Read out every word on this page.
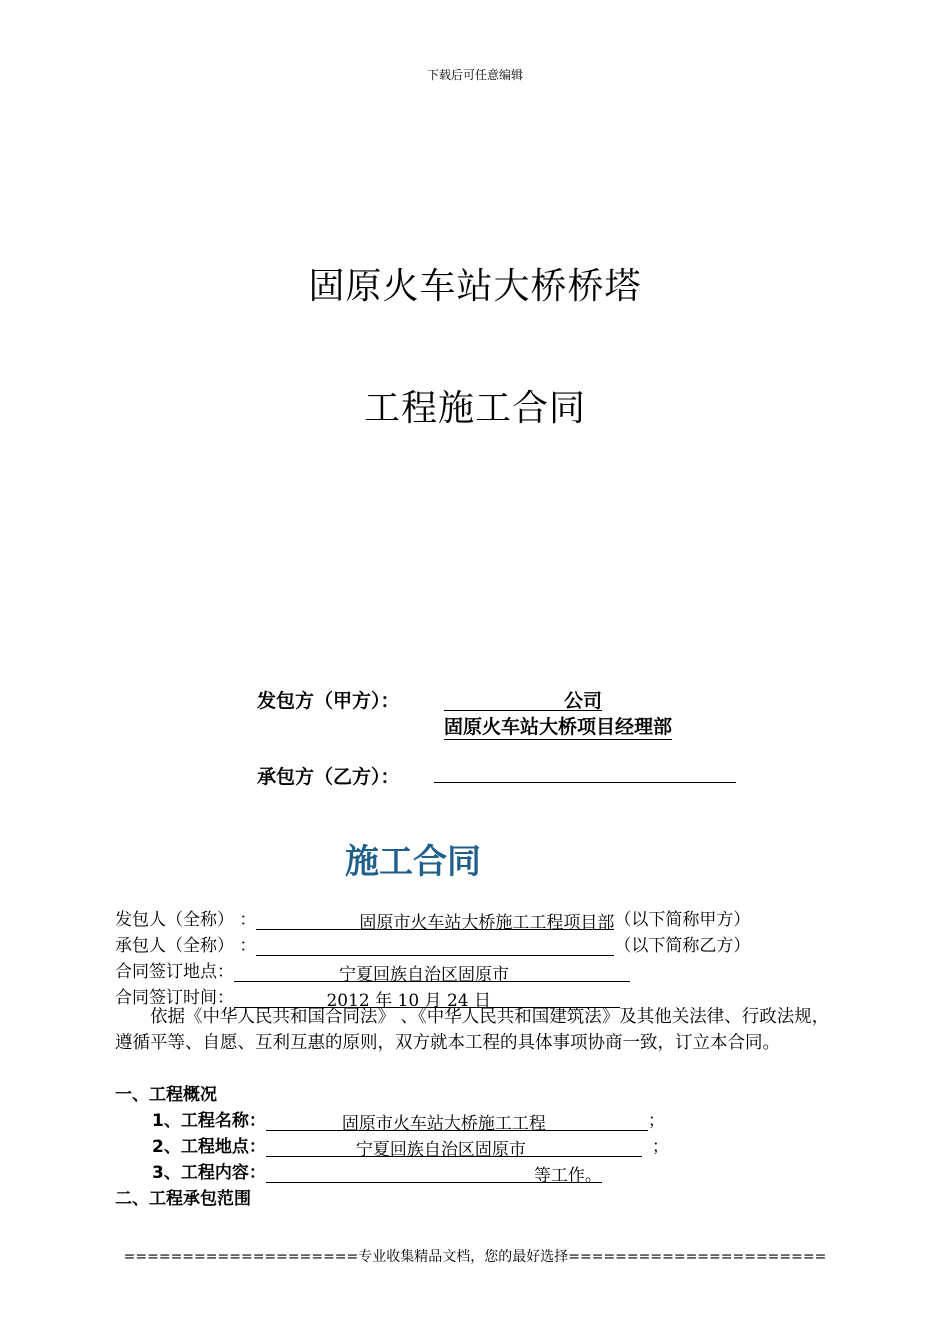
下载后可任意编辑
固原火车站大桥桥塔
工程施工合同
发包方（甲方）：	公司
固原火车站大桥项目经理部
承包方（乙方）：
施工合同
发包人（全称） ：	固原市火车站大桥施工工程项目部（以下简称甲方）
承包人（全称） ：	（以下简称乙方）
合同签订地点：	宁夏回族自治区固原市
合同签订时间：	2012 年 10 月 24 日
依据《中华人民共和国合同法》 、《中华人民共和国建筑法》及其他关法律、行政法规，遵循平等、自愿、互利互惠的原则，双方就本工程的具体事项协商一致，订立本合同。
一、工程概况
1、工程名称：	固原市火车站大桥施工工程	；
2、工程地点：	宁夏回族自治区固原市	；
3、工程内容：	等工作。
二、工程承包范围
====================专业收集精品文档，您的最好选择======================
